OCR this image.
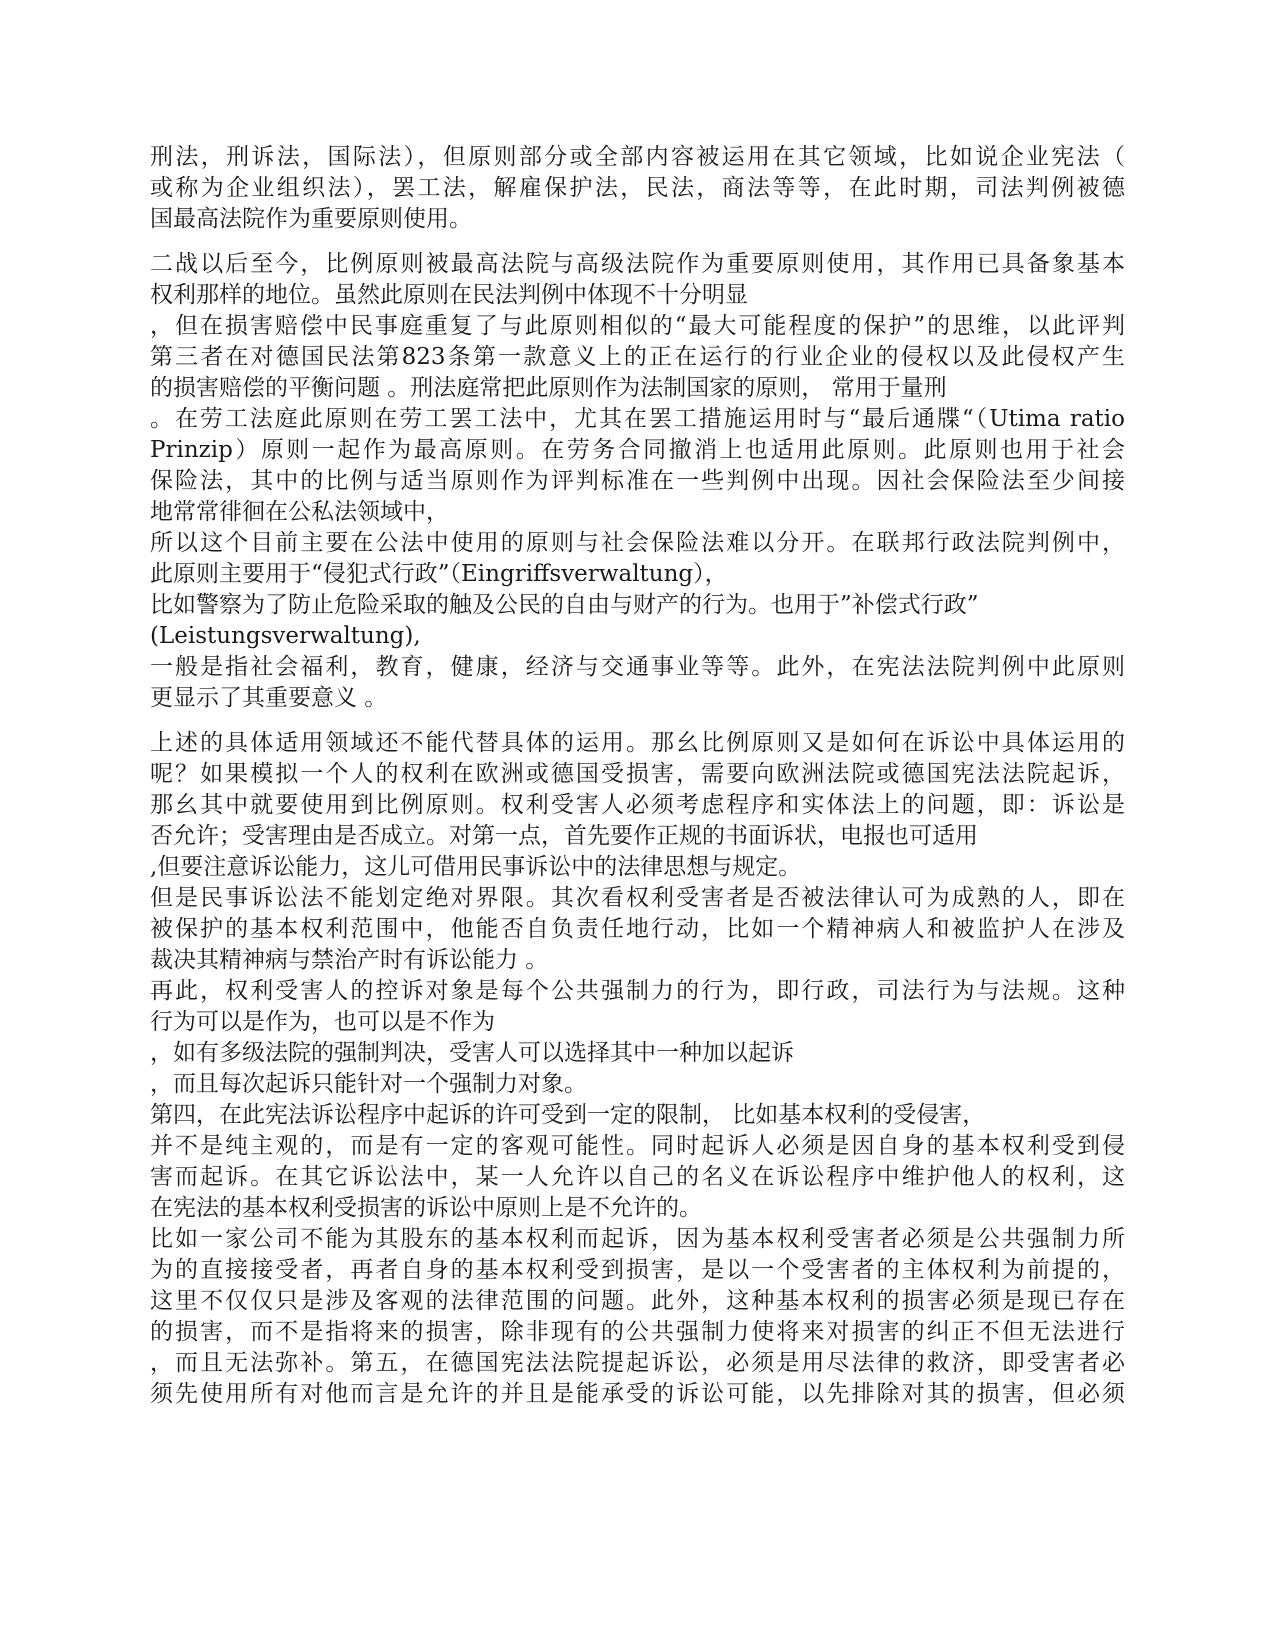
刑法，刑诉法，国际法），但原则部分或全部内容被运用在其它领域，比如说企业宪法（
或称为企业组织法），罢工法，解雇保护法，民法，商法等等，在此时期，司法判例被德
国最高法院作为重要原则使用。
二战以后至今，比例原则被最高法院与高级法院作为重要原则使用，其作用已具备象基本
权利那样的地位。虽然此原则在民法判例中体现不十分明显
，但在损害赔偿中民事庭重复了与此原则相似的“最大可能程度的保护”的思维，以此评判
第三者在对德国民法第823条第一款意义上的正在运行的行业企业的侵权以及此侵权产生
的损害赔偿的平衡问题 。刑法庭常把此原则作为法制国家的原则， 常用于量刑
。在劳工法庭此原则在劳工罢工法中，尤其在罢工措施运用时与“最后通牒“（Utima ratio
Prinzip）原则一起作为最高原则。在劳务合同撤消上也适用此原则。此原则也用于社会
保险法，其中的比例与适当原则作为评判标准在一些判例中出现。因社会保险法至少间接
地常常徘徊在公私法领域中，
所以这个目前主要在公法中使用的原则与社会保险法难以分开。在联邦行政法院判例中，
此原则主要用于“侵犯式行政”（Eingriffsverwaltung），
比如警察为了防止危险采取的触及公民的自由与财产的行为。也用于”补偿式行政”
(Leistungsverwaltung),
一般是指社会福利，教育，健康，经济与交通事业等等。此外，在宪法法院判例中此原则
更显示了其重要意义 。
上述的具体适用领域还不能代替具体的运用。那幺比例原则又是如何在诉讼中具体运用的
呢？如果模拟一个人的权利在欧洲或德国受损害，需要向欧洲法院或德国宪法法院起诉，
那幺其中就要使用到比例原则。权利受害人必须考虑程序和实体法上的问题，即：诉讼是
否允许；受害理由是否成立。对第一点，首先要作正规的书面诉状，电报也可适用
,但要注意诉讼能力，这儿可借用民事诉讼中的法律思想与规定。
但是民事诉讼法不能划定绝对界限。其次看权利受害者是否被法律认可为成熟的人，即在
被保护的基本权利范围中，他能否自负责任地行动，比如一个精神病人和被监护人在涉及
裁决其精神病与禁治产时有诉讼能力 。
再此，权利受害人的控诉对象是每个公共强制力的行为，即行政，司法行为与法规。这种
行为可以是作为，也可以是不作为
，如有多级法院的强制判决，受害人可以选择其中一种加以起诉
，而且每次起诉只能针对一个强制力对象。
第四，在此宪法诉讼程序中起诉的许可受到一定的限制， 比如基本权利的受侵害，
并不是纯主观的，而是有一定的客观可能性。同时起诉人必须是因自身的基本权利受到侵
害而起诉。在其它诉讼法中，某一人允许以自己的名义在诉讼程序中维护他人的权利，这
在宪法的基本权利受损害的诉讼中原则上是不允许的。
比如一家公司不能为其股东的基本权利而起诉，因为基本权利受害者必须是公共强制力所
为的直接接受者，再者自身的基本权利受到损害，是以一个受害者的主体权利为前提的，
这里不仅仅只是涉及客观的法律范围的问题。此外，这种基本权利的损害必须是现已存在
的损害，而不是指将来的损害，除非现有的公共强制力使将来对损害的纠正不但无法进行
，而且无法弥补。第五，在德国宪法法院提起诉讼，必须是用尽法律的救济，即受害者必
须先使用所有对他而言是允许的并且是能承受的诉讼可能，以先排除对其的损害，但必须
